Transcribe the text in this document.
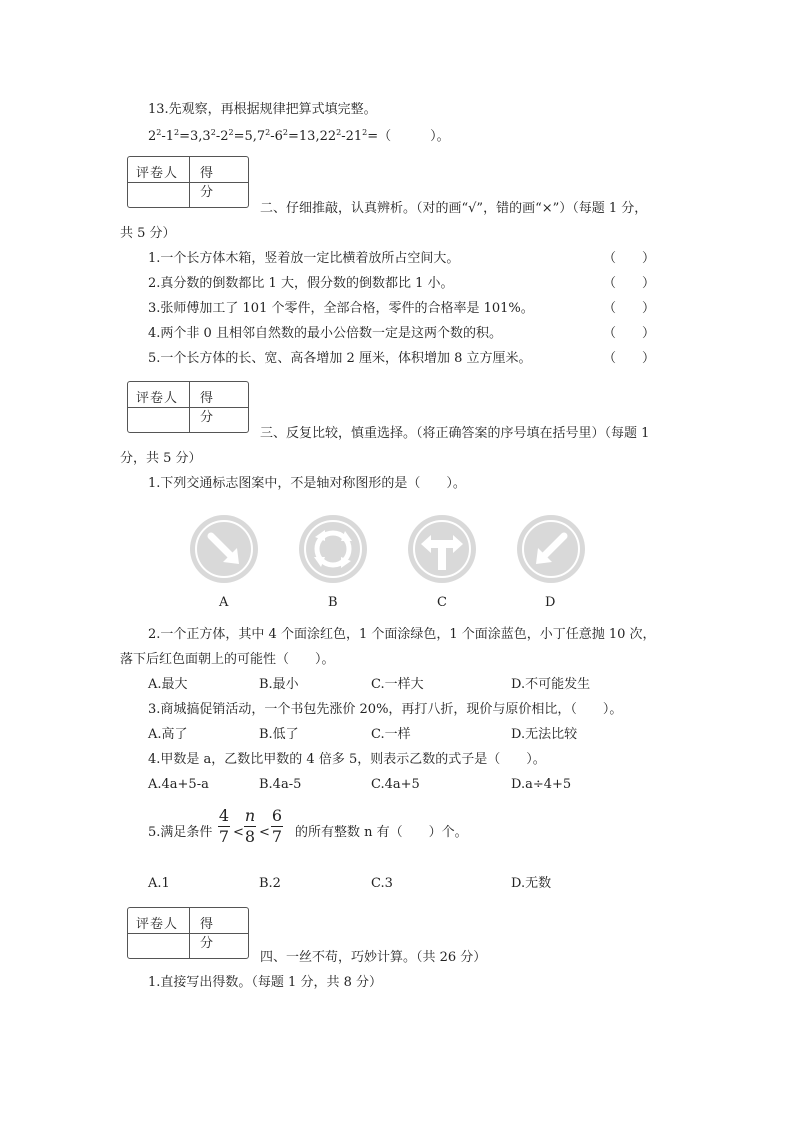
13.先观察，再根据规律把算式填完整。
$2^2-1^2=3,3^2-2^2=5,7^2-6^2=13,22^2-21^2=$（　　　）。
评卷人 得 分
二、仔细推敲，认真辨析。（对的画“√”，错的画“×”）（每题 1 分，
共 5 分）
1.一个长方体木箱，竖着放一定比横着放所占空间大。	（　　）
2.真分数的倒数都比 1 大，假分数的倒数都比 1 小。	（　　）
3.张师傅加工了 101 个零件，全部合格，零件的合格率是 101%。	（　　）
4.两个非 0 且相邻自然数的最小公倍数一定是这两个数的积。	（　　）
5.一个长方体的长、宽、高各增加 2 厘米，体积增加 8 立方厘米。	（　　）
评卷人 得 分
三、反复比较，慎重选择。（将正确答案的序号填在括号里）（每题 1
分，共 5 分）
1.下列交通标志图案中，不是轴对称图形的是（　　）。
A	B	C	D
2.一个正方体，其中 4 个面涂红色，1 个面涂绿色，1 个面涂蓝色，小丁任意抛 10 次，
落下后红色面朝上的可能性（　　）。
A.最大	B.最小	C.一样大	D.不可能发生
3.商城搞促销活动，一个书包先涨价 20%，再打八折，现价与原价相比，（　　）。
A.高了	B.低了	C.一样	D.无法比较
4.甲数是 a，乙数比甲数的 4 倍多 5，则表示乙数的式子是（　　）。
A.4a+5-a	B.4a-5	C.4a+5	D.a÷4+5
5.满足条件
4
7 <
n
8 <
6
7 的所有整数 n 有（　　）个。
A.1	B.2	C.3	D.无数
评卷人 得 分
四、一丝不苟，巧妙计算。（共 26 分）
1.直接写出得数。（每题 1 分，共 8 分）
